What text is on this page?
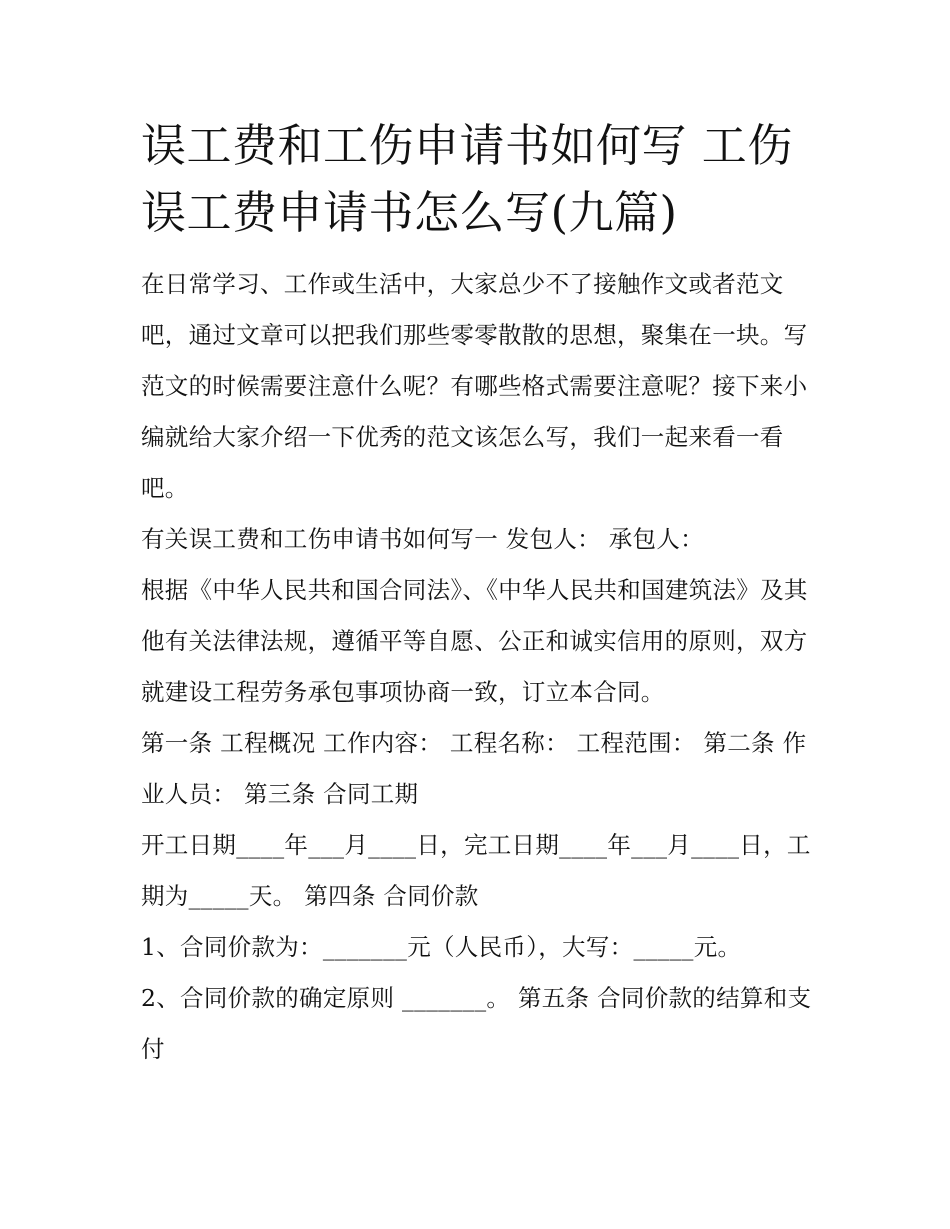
误工费和工伤申请书如何写 工伤误工费申请书怎么写(九篇)

在日常学习、工作或生活中，大家总少不了接触作文或者范文吧，通过文章可以把我们那些零零散散的思想，聚集在一块。写范文的时候需要注意什么呢？有哪些格式需要注意呢？接下来小编就给大家介绍一下优秀的范文该怎么写，我们一起来看一看吧。

有关误工费和工伤申请书如何写一 发包人： 承包人：

根据《中华人民共和国合同法》、《中华人民共和国建筑法》及其他有关法律法规，遵循平等自愿、公正和诚实信用的原则，双方就建设工程劳务承包事项协商一致，订立本合同。

第一条 工程概况 工作内容： 工程名称： 工程范围： 第二条 作业人员： 第三条 合同工期

开工日期____年___月____日，完工日期____年___月____日，工期为_____天。 第四条 合同价款

1、合同价款为：_______元（人民币），大写：_____元。

2、合同价款的确定原则 _______。 第五条 合同价款的结算和支付
